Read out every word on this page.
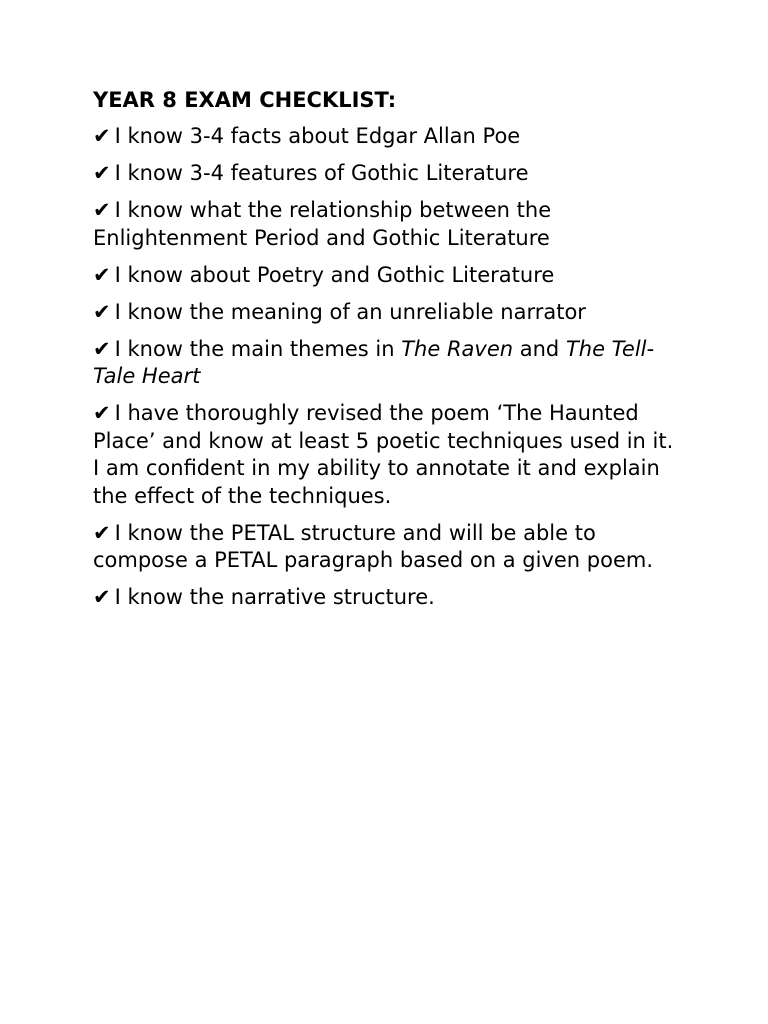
YEAR 8 EXAM CHECKLIST:
✔ I know 3-4 facts about Edgar Allan Poe
✔ I know 3-4 features of Gothic Literature
✔ I know what the relationship between the Enlightenment Period and Gothic Literature
✔ I know about Poetry and Gothic Literature
✔ I know the meaning of an unreliable narrator
✔ I know the main themes in The Raven and The Tell-Tale Heart
✔ I have thoroughly revised the poem ‘The Haunted Place’ and know at least 5 poetic techniques used in it. I am confident in my ability to annotate it and explain the effect of the techniques.
✔ I know the PETAL structure and will be able to compose a PETAL paragraph based on a given poem.
✔ I know the narrative structure.
